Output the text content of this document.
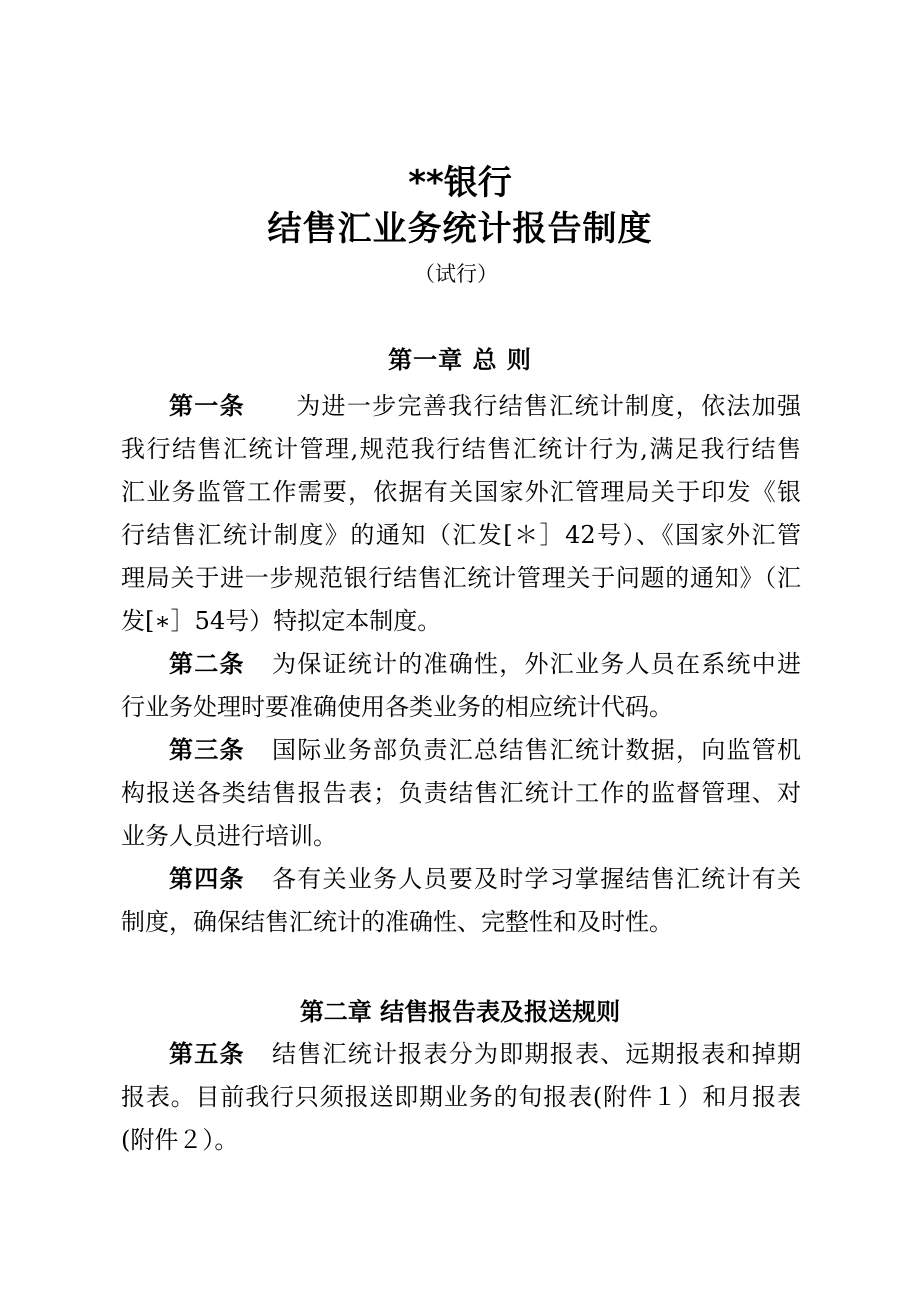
**银行
结售汇业务统计报告制度
（试行）
第一章 总 则
第一条 为进一步完善我行结售汇统计制度，依法加强
我行结售汇统计管理,规范我行结售汇统计行为,满足我行结售
汇业务监管工作需要，依据有关国家外汇管理局关于印发《银
行结售汇统计制度》的通知（汇发[＊］42号）、《国家外汇管
理局关于进一步规范银行结售汇统计管理关于问题的通知》（汇
发[∗］54号）特拟定本制度。
第二条 为保证统计的准确性，外汇业务人员在系统中进
行业务处理时要准确使用各类业务的相应统计代码。
第三条 国际业务部负责汇总结售汇统计数据，向监管机
构报送各类结售报告表；负责结售汇统计工作的监督管理、对
业务人员进行培训。
第四条 各有关业务人员要及时学习掌握结售汇统计有关
制度，确保结售汇统计的准确性、完整性和及时性。
第二章 结售报告表及报送规则
第五条 结售汇统计报表分为即期报表、远期报表和掉期
报表。目前我行只须报送即期业务的旬报表(附件１）和月报表
(附件２）。
